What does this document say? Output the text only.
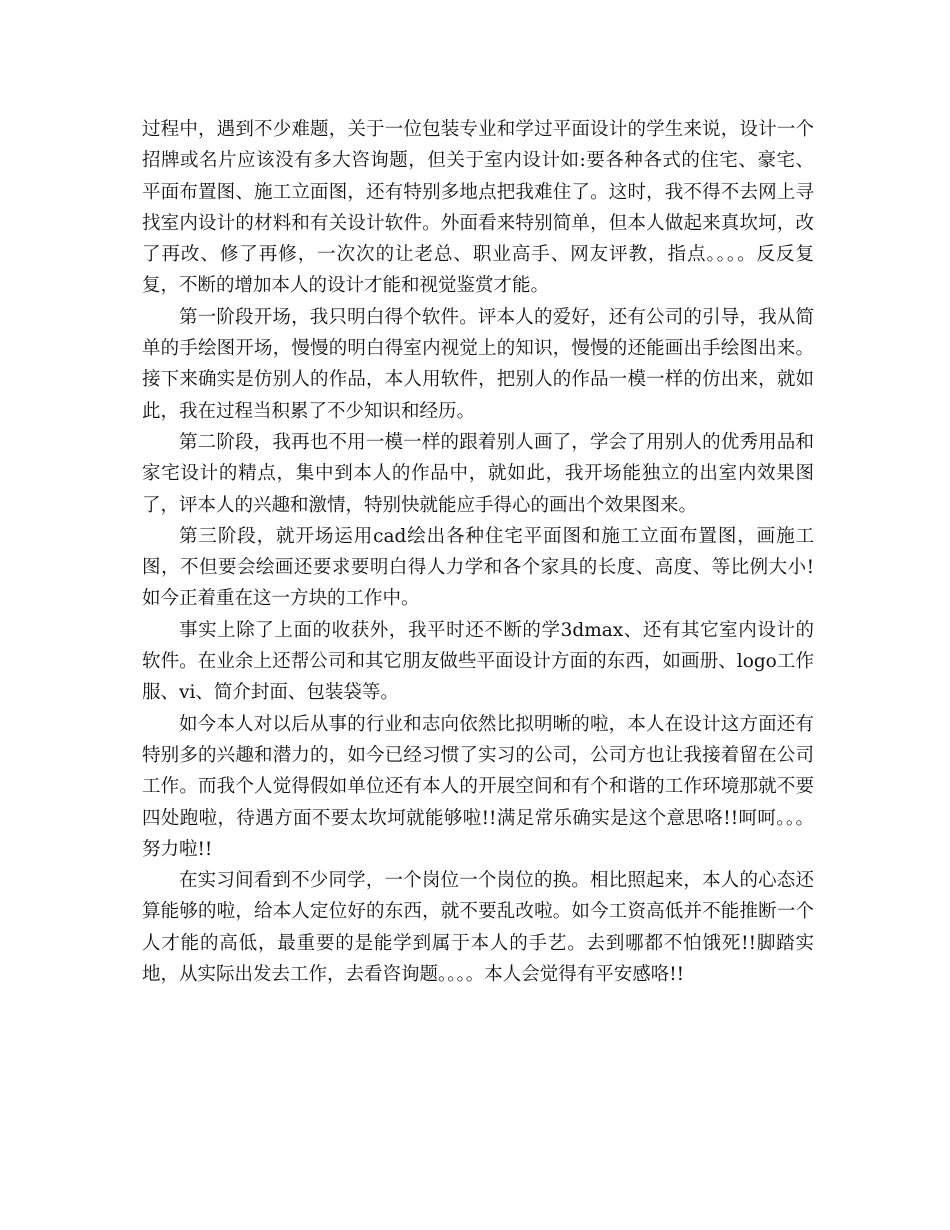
过程中，遇到不少难题，关于一位包装专业和学过平面设计的学生来说，设计一个招牌或名片应该没有多大咨询题，但关于室内设计如:要各种各式的住宅、豪宅、平面布置图、施工立面图，还有特别多地点把我难住了。这时，我不得不去网上寻找室内设计的材料和有关设计软件。外面看来特别简单，但本人做起来真坎坷，改了再改、修了再修，一次次的让老总、职业高手、网友评教，指点。。。。反反复复，不断的增加本人的设计才能和视觉鉴赏才能。

第一阶段开场，我只明白得个软件。评本人的爱好，还有公司的引导，我从简单的手绘图开场，慢慢的明白得室内视觉上的知识，慢慢的还能画出手绘图出来。接下来确实是仿别人的作品，本人用软件，把别人的作品一模一样的仿出来，就如此，我在过程当积累了不少知识和经历。

第二阶段，我再也不用一模一样的跟着别人画了，学会了用别人的优秀用品和家宅设计的精点，集中到本人的作品中，就如此，我开场能独立的出室内效果图了，评本人的兴趣和激情，特别快就能应手得心的画出个效果图来。

第三阶段，就开场运用cad绘出各种住宅平面图和施工立面布置图，画施工图，不但要会绘画还要求要明白得人力学和各个家具的长度、高度、等比例大小!如今正着重在这一方块的工作中。

事实上除了上面的收获外，我平时还不断的学3dmax、还有其它室内设计的软件。在业余上还帮公司和其它朋友做些平面设计方面的东西，如画册、logo工作服、vi、简介封面、包装袋等。

如今本人对以后从事的行业和志向依然比拟明晰的啦，本人在设计这方面还有特别多的兴趣和潜力的，如今已经习惯了实习的公司，公司方也让我接着留在公司工作。而我个人觉得假如单位还有本人的开展空间和有个和谐的工作环境那就不要四处跑啦，待遇方面不要太坎坷就能够啦!!满足常乐确实是这个意思咯!!呵呵。。。努力啦!!

在实习间看到不少同学，一个岗位一个岗位的换。相比照起来，本人的心态还算能够的啦，给本人定位好的东西，就不要乱改啦。如今工资高低并不能推断一个人才能的高低，最重要的是能学到属于本人的手艺。去到哪都不怕饿死!!脚踏实地，从实际出发去工作，去看咨询题。。。。本人会觉得有平安感咯!!
